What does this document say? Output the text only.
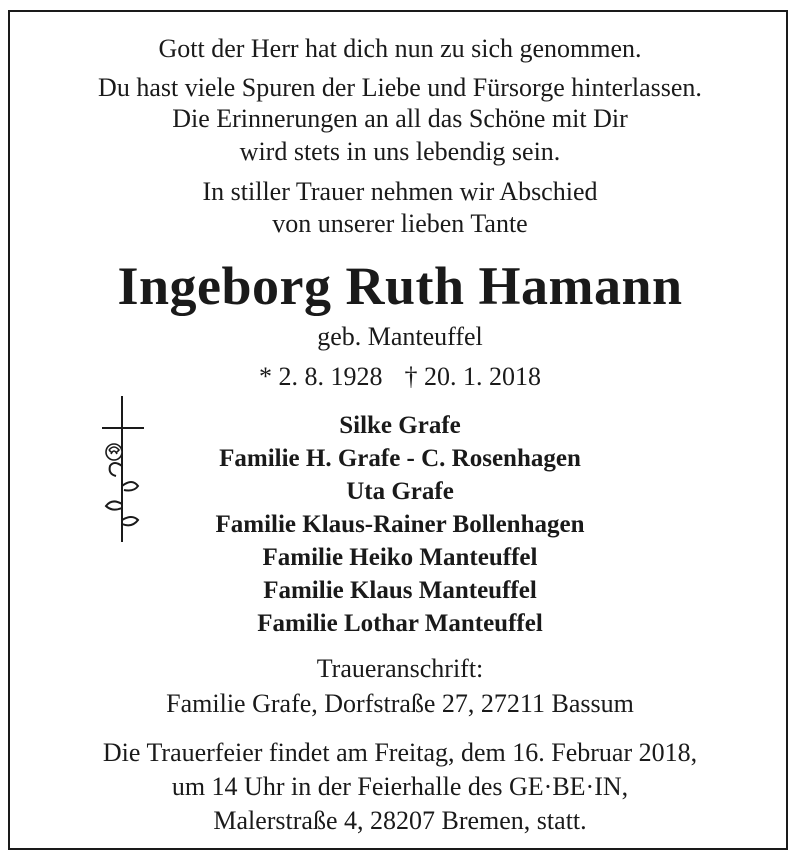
Gott der Herr hat dich nun zu sich genommen.
Du hast viele Spuren der Liebe und Fürsorge hinterlassen.
Die Erinnerungen an all das Schöne mit Dir
wird stets in uns lebendig sein.
In stiller Trauer nehmen wir Abschied
von unserer lieben Tante
Ingeborg Ruth Hamann
geb. Manteuffel
* 2. 8. 1928 † 20. 1. 2018
Silke Grafe
Familie H. Grafe - C. Rosenhagen
Uta Grafe
Familie Klaus-Rainer Bollenhagen
Familie Heiko Manteuffel
Familie Klaus Manteuffel
Familie Lothar Manteuffel
Traueranschrift:
Familie Grafe, Dorfstraße 27, 27211 Bassum
Die Trauerfeier findet am Freitag, dem 16. Februar 2018,
um 14 Uhr in der Feierhalle des GE·BE·IN,
Malerstraße 4, 28207 Bremen, statt.
